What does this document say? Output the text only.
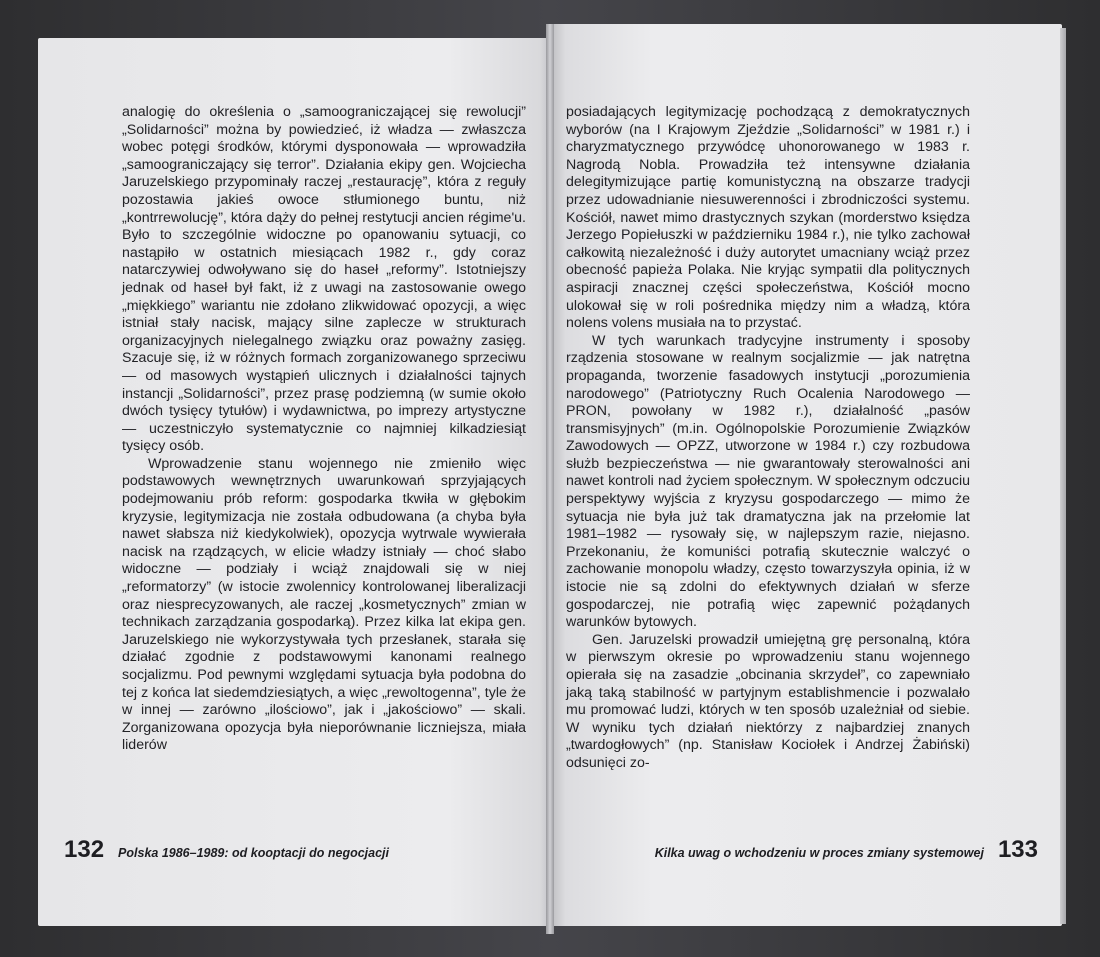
analogię do określenia o „samoograniczającej się rewolucji” „Solidarności” można by powiedzieć, iż władza — zwłaszcza wobec potęgi środków, którymi dysponowała — wprowadziła „samoograniczający się terror”. Działania ekipy gen. Wojciecha Jaruzelskiego przypominały raczej „restaurację”, która z reguły pozostawia jakieś owoce stłumionego buntu, niż „kontrrewolucję”, która dąży do pełnej restytucji ancien régime'u. Było to szczególnie widoczne po opanowaniu sytuacji, co nastąpiło w ostatnich miesiącach 1982 r., gdy coraz natarczywiej odwoływano się do haseł „reformy”. Istotniejszy jednak od haseł był fakt, iż z uwagi na zastosowanie owego „miękkiego” wariantu nie zdołano zlikwidować opozycji, a więc istniał stały nacisk, mający silne zaplecze w strukturach organizacyjnych nielegalnego związku oraz poważny zasięg. Szacuje się, iż w różnych formach zorganizowanego sprzeciwu — od masowych wystąpień ulicznych i działalności tajnych instancji „Solidarności”, przez prasę podziemną (w sumie około dwóch tysięcy tytułów) i wydawnictwa, po imprezy artystyczne — uczestniczyło systematycznie co najmniej kilkadziesiąt tysięcy osób.

Wprowadzenie stanu wojennego nie zmieniło więc podstawowych wewnętrznych uwarunkowań sprzyjających podejmowaniu prób reform: gospodarka tkwiła w głębokim kryzysie, legitymizacja nie została odbudowana (a chyba była nawet słabsza niż kiedykolwiek), opozycja wytrwale wywierała nacisk na rządzących, w elicie władzy istniały — choć słabo widoczne — podziały i wciąż znajdowali się w niej „reformatorzy” (w istocie zwolennicy kontrolowanej liberalizacji oraz niesprecyzowanych, ale raczej „kosmetycznych” zmian w technikach zarządzania gospodarką). Przez kilka lat ekipa gen. Jaruzelskiego nie wykorzystywała tych przesłanek, starała się działać zgodnie z podstawowymi kanonami realnego socjalizmu. Pod pewnymi względami sytuacja była podobna do tej z końca lat siedemdziesiątych, a więc „rewoltogenna”, tyle że w innej — zarówno „ilościowo”, jak i „jakościowo” — skali. Zorganizowana opozycja była nieporównanie liczniejsza, miała liderów

132 Polska 1986–1989: od kooptacji do negocjacji

posiadających legitymizację pochodzącą z demokratycznych wyborów (na I Krajowym Zjeździe „Solidarności” w 1981 r.) i charyzmatycznego przywódcę uhonorowanego w 1983 r. Nagrodą Nobla. Prowadziła też intensywne działania delegitymizujące partię komunistyczną na obszarze tradycji przez udowadnianie niesuwerenności i zbrodniczości systemu. Kościół, nawet mimo drastycznych szykan (morderstwo księdza Jerzego Popiełuszki w październiku 1984 r.), nie tylko zachował całkowitą niezależność i duży autorytet umacniany wciąż przez obecność papieża Polaka. Nie kryjąc sympatii dla politycznych aspiracji znacznej części społeczeństwa, Kościół mocno ulokował się w roli pośrednika między nim a władzą, która nolens volens musiała na to przystać.

W tych warunkach tradycyjne instrumenty i sposoby rządzenia stosowane w realnym socjalizmie — jak natrętna propaganda, tworzenie fasadowych instytucji „porozumienia narodowego” (Patriotyczny Ruch Ocalenia Narodowego — PRON, powołany w 1982 r.), działalność „pasów transmisyjnych” (m.in. Ogólnopolskie Porozumienie Związków Zawodowych — OPZZ, utworzone w 1984 r.) czy rozbudowa służb bezpieczeństwa — nie gwarantowały sterowalności ani nawet kontroli nad życiem społecznym. W społecznym odczuciu perspektywy wyjścia z kryzysu gospodarczego — mimo że sytuacja nie była już tak dramatyczna jak na przełomie lat 1981–1982 — rysowały się, w najlepszym razie, niejasno. Przekonaniu, że komuniści potrafią skutecznie walczyć o zachowanie monopolu władzy, często towarzyszyła opinia, iż w istocie nie są zdolni do efektywnych działań w sferze gospodarczej, nie potrafią więc zapewnić pożądanych warunków bytowych.

Gen. Jaruzelski prowadził umiejętną grę personalną, która w pierwszym okresie po wprowadzeniu stanu wojennego opierała się na zasadzie „obcinania skrzydeł”, co zapewniało jaką taką stabilność w partyjnym establishmencie i pozwalało mu promować ludzi, których w ten sposób uzależniał od siebie. W wyniku tych działań niektórzy z najbardziej znanych „twardogłowych” (np. Stanisław Kociołek i Andrzej Żabiński) odsunięci zo-

Kilka uwag o wchodzeniu w proces zmiany systemowej 133
